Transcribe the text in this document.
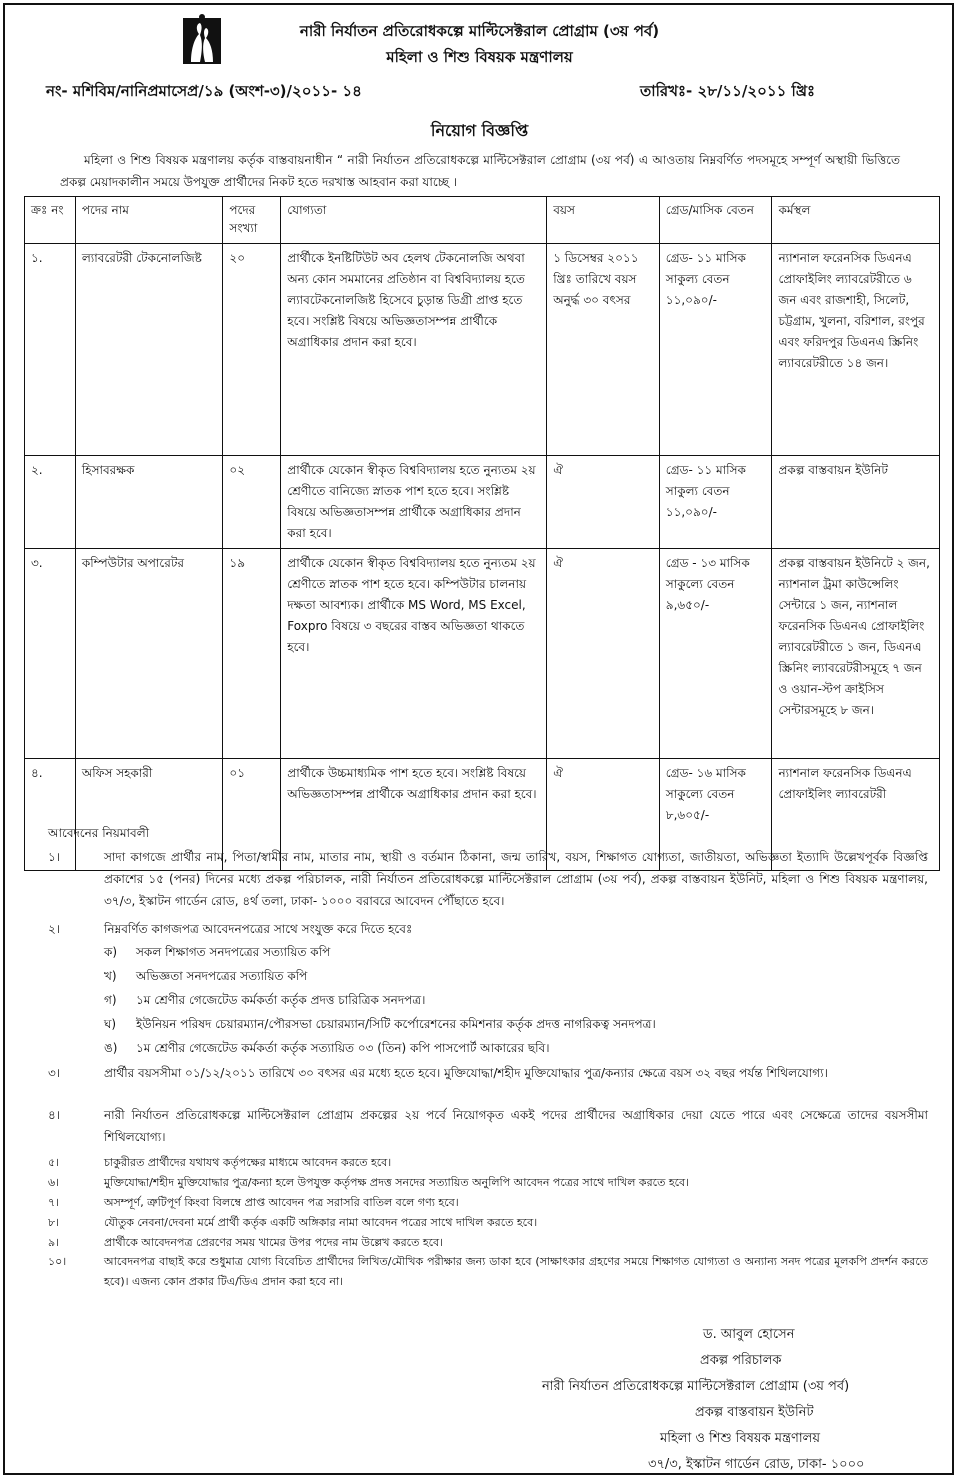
নারী নির্যাতন প্রতিরোধকল্পে মাল্টিসেক্টরাল প্রোগ্রাম (৩য় পর্ব)
মহিলা ও শিশু বিষয়ক মন্ত্রণালয়
নং- মশিবিম/নানিপ্রমাসেপ্র/১৯ (অংশ-৩)/২০১১- ১৪	তারিখঃ- ২৮/১১/২০১১ খ্রিঃ
নিয়োগ বিজ্ঞপ্তি
মহিলা ও শিশু বিষয়ক মন্ত্রণালয় কর্তৃক বাস্তবায়নাধীন “ নারী নির্যাতন প্রতিরোধকল্পে মাল্টিসেক্টরাল প্রোগ্রাম (৩য় পর্ব) এ আওতায় নিম্নবর্ণিত পদসমূহে সম্পূর্ণ অস্থায়ী ভিত্তিতে প্রকল্প মেয়াদকালীন সময়ে উপযুক্ত প্রার্থীদের নিকট হতে দরখাস্ত আহবান করা যাচ্ছে ।
ক্রঃ নং	পদের নাম	পদের সংখ্যা	যোগ্যতা	বয়স	গ্রেড/মাসিক বেতন	কর্মস্থল
১.	ল্যাবরেটরী টেকনোলজিষ্ট	২০	প্রার্থীকে ইনষ্টিটিউট অব হেলথ টেকনোলজি অথবা অন্য কোন সমমানের প্রতিষ্ঠান বা বিশ্ববিদ্যালয় হতে ল্যাবটেকনোলজিষ্ট হিসেবে চুড়ান্ত ডিগ্রী প্রাপ্ত হতে হবে। সংশ্লিষ্ট বিষয়ে অভিজ্ঞতাসম্পন্ন প্রার্থীকে অগ্রাধিকার প্রদান করা হবে।	১ ডিসেম্বর ২০১১ খ্রিঃ তারিখে বয়স অনুর্দ্ধ ৩০ বৎসর	গ্রেড- ১১ মাসিক সাকুল্য বেতন ১১,০৯০/-	ন্যাশনাল ফরেনসিক ডিএনএ প্রোফাইলিং ল্যাবরেটরীতে ৬ জন এবং রাজশাহী, সিলেট, চট্টগ্রাম, খুলনা, বরিশাল, রংপুর এবং ফরিদপুর ডিএনএ স্ক্রিনিং ল্যাবরেটরীতে ১৪ জন।
২.	হিসাবরক্ষক	০২	প্রার্থীকে যেকোন স্বীকৃত বিশ্ববিদ্যালয় হতে নুন্যতম ২য় শ্রেণীতে বানিজ্যে স্নাতক পাশ হতে হবে। সংশ্লিষ্ট বিষয়ে অভিজ্ঞতাসম্পন্ন প্রার্থীকে অগ্রাধিকার প্রদান করা হবে।	ঐ	গ্রেড- ১১ মাসিক সাকুল্য বেতন ১১,০৯০/-	প্রকল্প বাস্তবায়ন ইউনিট
৩.	কম্পিউটার অপারেটর	১৯	প্রার্থীকে যেকোন স্বীকৃত বিশ্ববিদ্যালয় হতে নুন্যতম ২য় শ্রেণীতে স্নাতক পাশ হতে হবে। কম্পিউটার চালনায় দক্ষতা আবশ্যক। প্রার্থীকে MS Word, MS Excel, Foxpro বিষয়ে ৩ বছরের বাস্তব অভিজ্ঞতা থাকতে হবে।	ঐ	গ্রেড - ১৩ মাসিক সাকুল্যে বেতন ৯,৬৫০/-	প্রকল্প বাস্তবায়ন ইউনিটে ২ জন, ন্যাশনাল ট্রমা কাউন্সেলিং সেন্টারে ১ জন, ন্যাশনাল ফরেনসিক ডিএনএ প্রোফাইলিং ল্যাবরেটরীতে ১ জন, ডিএনএ স্ক্রিনিং ল্যাবরেটরীসমূহে ৭ জন ও ওয়ান-স্টপ ক্রাইসিস সেন্টারসমূহে ৮ জন।
৪.	অফিস সহকারী	০১	প্রার্থীকে উচ্চমাধ্যমিক পাশ হতে হবে। সংশ্লিষ্ট বিষয়ে অভিজ্ঞতাসম্পন্ন প্রার্থীকে অগ্রাধিকার প্রদান করা হবে।	ঐ	গ্রেড- ১৬ মাসিক সাকুল্যে বেতন ৮,৬০৫/-	ন্যাশনাল ফরেনসিক ডিএনএ প্রোফাইলিং ল্যাবরেটরী
আবেদনের নিয়মাবলী
১।	সাদা কাগজে প্রার্থীর নাম, পিতা/স্বামীর নাম, মাতার নাম, স্থায়ী ও বর্তমান ঠিকানা, জন্ম তারিখ, বয়স, শিক্ষাগত যোগ্যতা, জাতীয়তা, অভিজ্ঞতা ইত্যাদি উল্লেখপূর্বক বিজ্ঞপ্তি প্রকাশের ১৫ (পনর) দিনের মধ্যে প্রকল্প পরিচালক, নারী নির্যাতন প্রতিরোধকল্পে মাল্টিসেক্টরাল প্রোগ্রাম (৩য় পর্ব), প্রকল্প বাস্তবায়ন ইউনিট, মহিলা ও শিশু বিষয়ক মন্ত্রণালয়, ৩৭/৩, ইস্কাটন গার্ডেন রোড, ৪র্থ তলা, ঢাকা- ১০০০ বরাবরে আবেদন পৌঁছাতে হবে।
২।	নিম্নবর্ণিত কাগজপত্র আবেদনপত্রের সাথে সংযুক্ত করে দিতে হবেঃ
ক) সকল শিক্ষাগত সনদপত্রের সত্যায়িত কপি
খ) অভিজ্ঞতা সনদপত্রের সত্যায়িত কপি
গ) ১ম শ্রেণীর গেজেটেড কর্মকর্তা কর্তৃক প্রদত্ত চারিত্রিক সনদপত্র।
ঘ) ইউনিয়ন পরিষদ চেয়ারম্যান/পৌরসভা চেয়ারম্যান/সিটি কর্পোরেশনের কমিশনার কর্তৃক প্রদত্ত নাগরিকত্ব সনদপত্র।
ঙ) ১ম শ্রেণীর গেজেটেড কর্মকর্তা কর্তৃক সত্যায়িত ০৩ (তিন) কপি পাসপোর্ট আকারের ছবি।
৩।	প্রার্থীর বয়সসীমা ০১/১২/২০১১ তারিখে ৩০ বৎসর এর মধ্যে হতে হবে। মুক্তিযোদ্ধা/শহীদ মুক্তিযোদ্ধার পুত্র/কন্যার ক্ষেত্রে বয়স ৩২ বছর পর্যন্ত শিথিলযোগ্য।
৪।	নারী নির্যাতন প্রতিরোধকল্পে মাল্টিসেক্টরাল প্রোগ্রাম প্রকল্পের ২য় পর্বে নিয়োগকৃত একই পদের প্রার্থীদের অগ্রাধিকার দেয়া যেতে পারে এবং সেক্ষেত্রে তাদের বয়সসীমা শিথিলযোগ্য।
৫।	চাকুরীরত প্রার্থীদের যথাযথ কর্তৃপক্ষের মাধ্যমে আবেদন করতে হবে।
৬।	মুক্তিযোদ্ধা/শহীদ মুক্তিযোদ্ধার পুত্র/কন্যা হলে উপযুক্ত কর্তৃপক্ষ প্রদত্ত সনদের সত্যায়িত অনুলিপি আবেদন পত্রের সাথে দাখিল করতে হবে।
৭।	অসম্পূর্ণ, ত্রুটিপূর্ণ কিংবা বিলম্বে প্রাপ্ত আবেদন পত্র সরাসরি বাতিল বলে গণ্য হবে।
৮।	যৌতুক নেবনা/দেবনা মর্মে প্রার্থী কর্তৃক একটি অঙ্গিকার নামা আবেদন পত্রের সাথে দাখিল করতে হবে।
৯।	প্রার্থীকে আবেদনপত্র প্রেরণের সময় খামের উপর পদের নাম উল্লেখ করতে হবে।
১০।	আবেদনপত্র বাছাই করে শুধুমাত্র যোগ্য বিবেচিত প্রার্থীদের লিখিত/মৌখিক পরীক্ষার জন্য ডাকা হবে (সাক্ষাৎকার গ্রহণের সময়ে শিক্ষাগত যোগ্যতা ও অন্যান্য সনদ পত্রের মূলকপি প্রদর্শন করতে হবে)। এজন্য কোন প্রকার টিএ/ডিএ প্রদান করা হবে না।
ড. আবুল হোসেন
প্রকল্প পরিচালক
নারী নির্যাতন প্রতিরোধকল্পে মাল্টিসেক্টরাল প্রোগ্রাম (৩য় পর্ব)
প্রকল্প বাস্তবায়ন ইউনিট
মহিলা ও শিশু বিষয়ক মন্ত্রণালয়
৩৭/৩, ইস্কাটন গার্ডেন রোড, ঢাকা- ১০০০
